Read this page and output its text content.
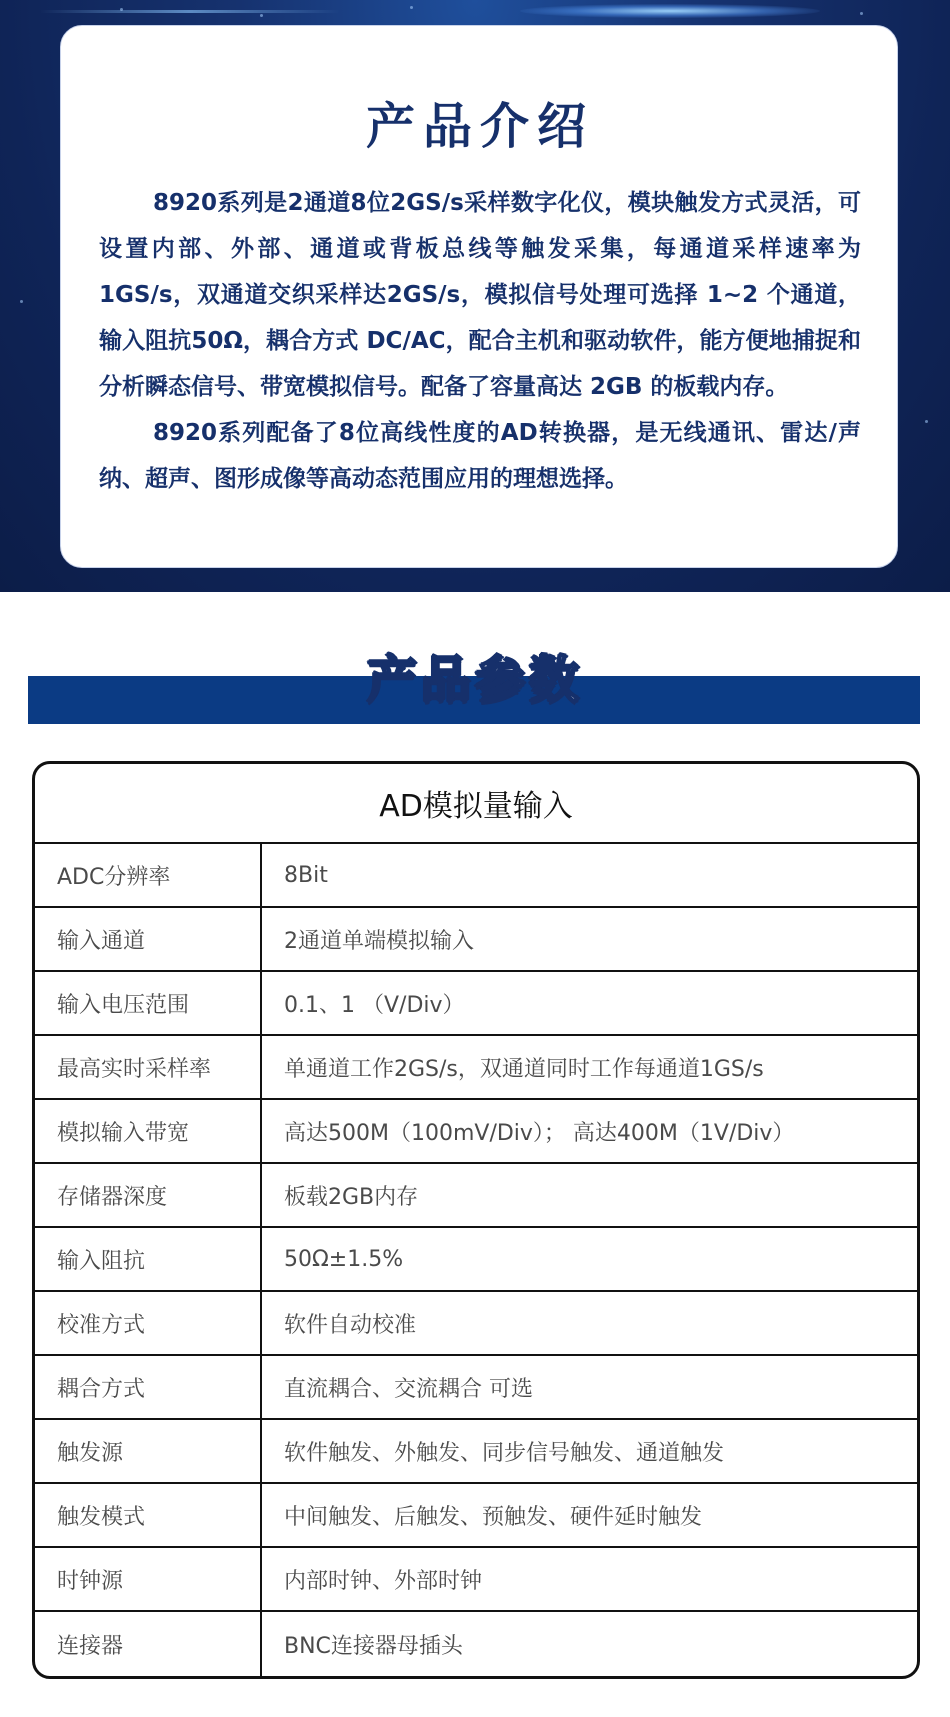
产品介绍

8920系列是2通道8位2GS/s采样数字化仪，模块触发方式灵活，可设置内部、外部、通道或背板总线等触发采集，每通道采样速率为1GS/s，双通道交织采样达2GS/s，模拟信号处理可选择 1~2 个通道，输入阻抗50Ω，耦合方式 DC/AC，配合主机和驱动软件，能方便地捕捉和分析瞬态信号、带宽模拟信号。配备了容量高达 2GB 的板载内存。

8920系列配备了8位高线性度的AD转换器，是无线通讯、雷达/声纳、超声、图形成像等高动态范围应用的理想选择。

产品参数
AD模拟量输入
ADC分辨率	8Bit
输入通道	2通道单端模拟输入
输入电压范围	0.1、1 （V/Div）
最高实时采样率	单通道工作2GS/s，双通道同时工作每通道1GS/s
模拟输入带宽	高达500M（100mV/Div）； 高达400M（1V/Div）
存储器深度	板载2GB内存
输入阻抗	50Ω±1.5%
校准方式	软件自动校准
耦合方式	直流耦合、交流耦合 可选
触发源	软件触发、外触发、同步信号触发、通道触发
触发模式	中间触发、后触发、预触发、硬件延时触发
时钟源	内部时钟、外部时钟
连接器	BNC连接器母插头
